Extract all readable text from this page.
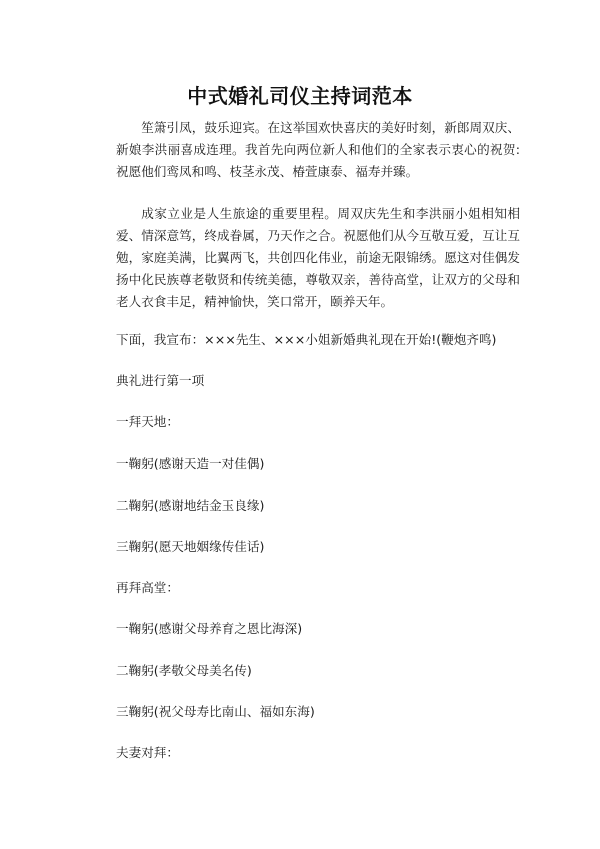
中式婚礼司仪主持词范本

笙箫引凤，鼓乐迎宾。在这举国欢快喜庆的美好时刻，新郎周双庆、新娘李洪丽喜成连理。我首先向两位新人和他们的全家表示衷心的祝贺: 祝愿他们鸾凤和鸣、枝茎永茂、椿萱康泰、福寿并臻。

成家立业是人生旅途的重要里程。周双庆先生和李洪丽小姐相知相爱、情深意笃，终成眷属，乃天作之合。祝愿他们从今互敬互爱，互让互勉，家庭美满，比翼两飞，共创四化伟业，前途无限锦绣。愿这对佳偶发扬中化民族尊老敬贤和传统美德，尊敬双亲，善待高堂，让双方的父母和老人衣食丰足，精神愉快，笑口常开，颐养天年。

下面，我宣布：×××先生、×××小姐新婚典礼现在开始!(鞭炮齐鸣)

典礼进行第一项

一拜天地：

一鞠躬(感谢天造一对佳偶)

二鞠躬(感谢地结金玉良缘)

三鞠躬(愿天地姻缘传佳话)

再拜高堂：

一鞠躬(感谢父母养育之恩比海深)

二鞠躬(孝敬父母美名传)

三鞠躬(祝父母寿比南山、福如东海)

夫妻对拜：
